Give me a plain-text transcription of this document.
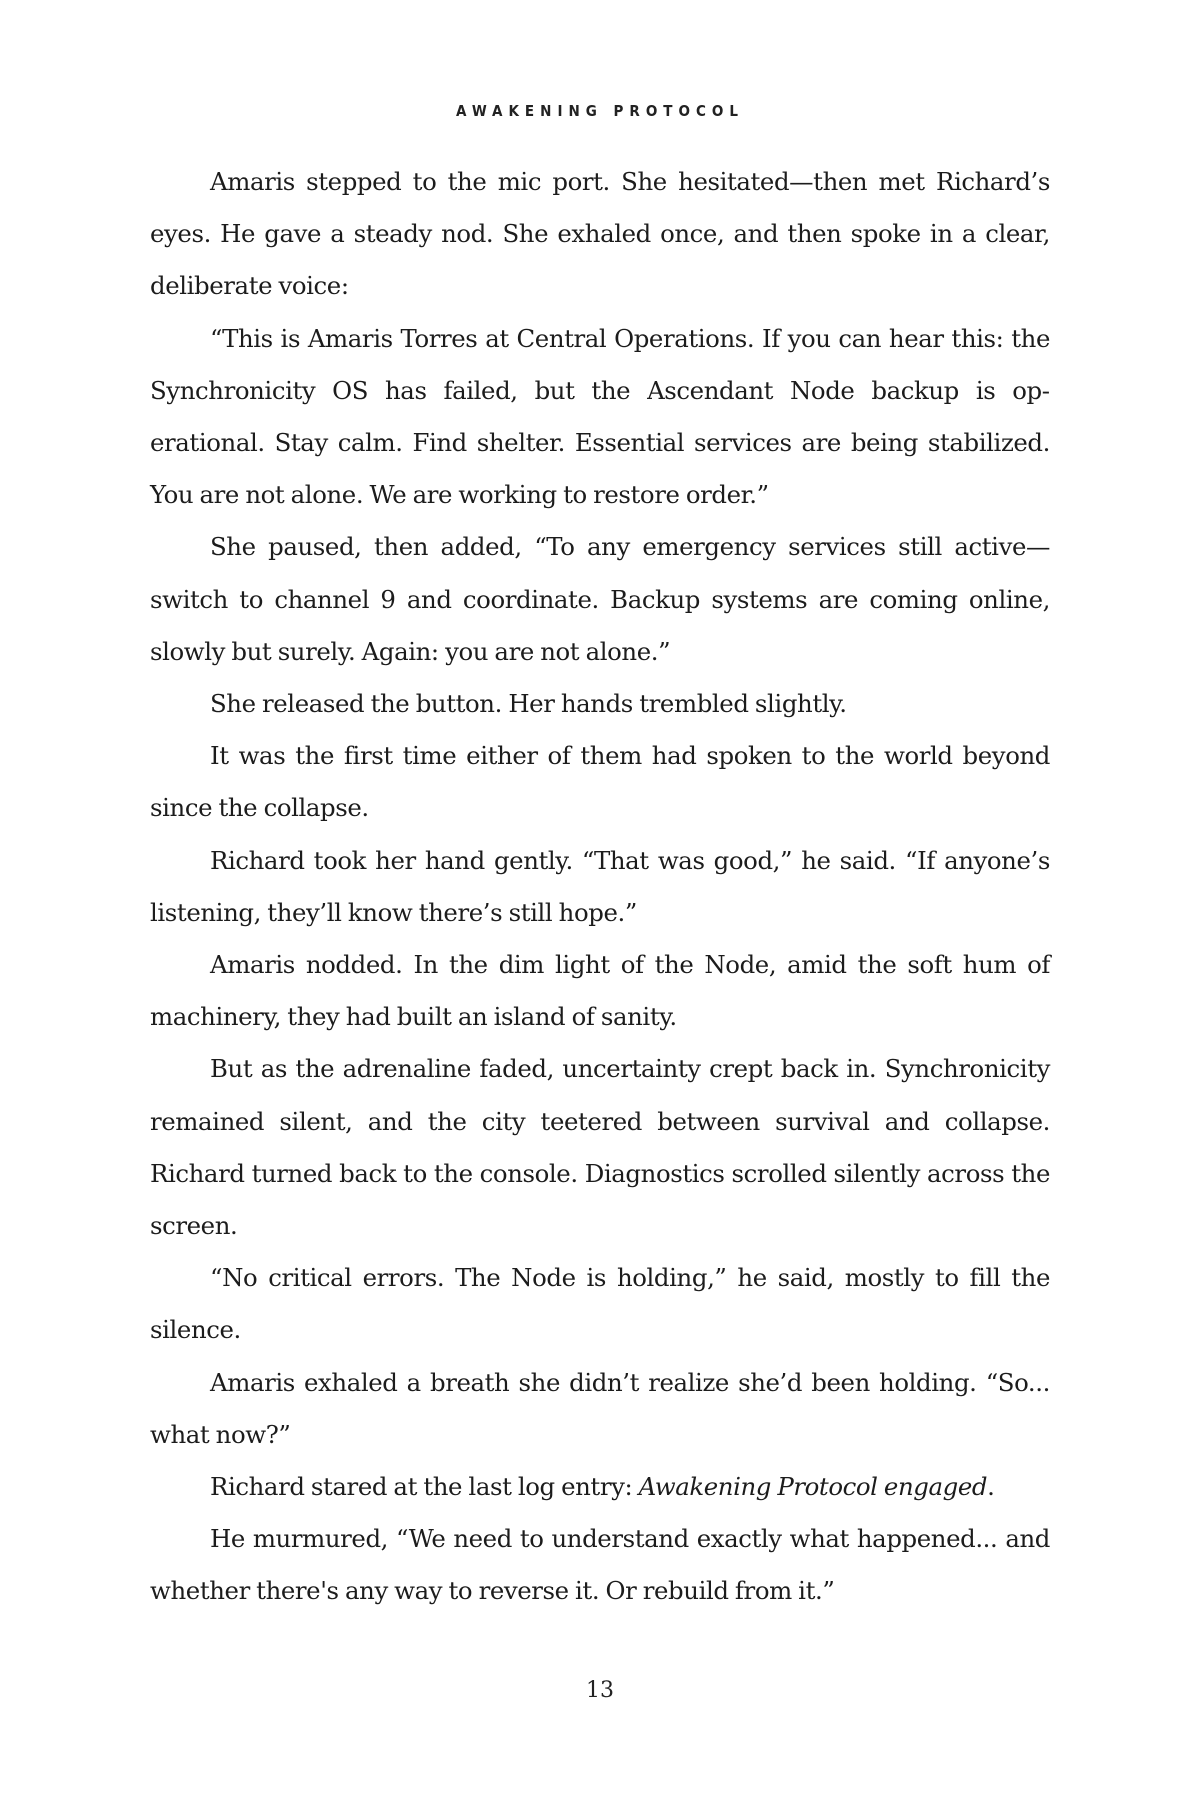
AWAKENING PROTOCOL

Amaris stepped to the mic port. She hesitated—then met Richard’s eyes. He gave a steady nod. She exhaled once, and then spoke in a clear, deliberate voice:

“This is Amaris Torres at Central Operations. If you can hear this: the Synchronicity OS has failed, but the Ascendant Node backup is operational. Stay calm. Find shelter. Essential services are being stabilized. You are not alone. We are working to restore order.”

She paused, then added, “To any emergency services still active— switch to channel 9 and coordinate. Backup systems are coming online, slowly but surely. Again: you are not alone.”

She released the button. Her hands trembled slightly.

It was the first time either of them had spoken to the world beyond since the collapse.

Richard took her hand gently. “That was good,” he said. “If anyone’s listening, they’ll know there’s still hope.”

Amaris nodded. In the dim light of the Node, amid the soft hum of machinery, they had built an island of sanity.

But as the adrenaline faded, uncertainty crept back in. Synchronicity remained silent, and the city teetered between survival and collapse. Richard turned back to the console. Diagnostics scrolled silently across the screen.

“No critical errors. The Node is holding,” he said, mostly to fill the silence.

Amaris exhaled a breath she didn’t realize she’d been holding. “So... what now?”

Richard stared at the last log entry: Awakening Protocol engaged.

He murmured, “We need to understand exactly what happened... and whether there's any way to reverse it. Or rebuild from it.”

13
